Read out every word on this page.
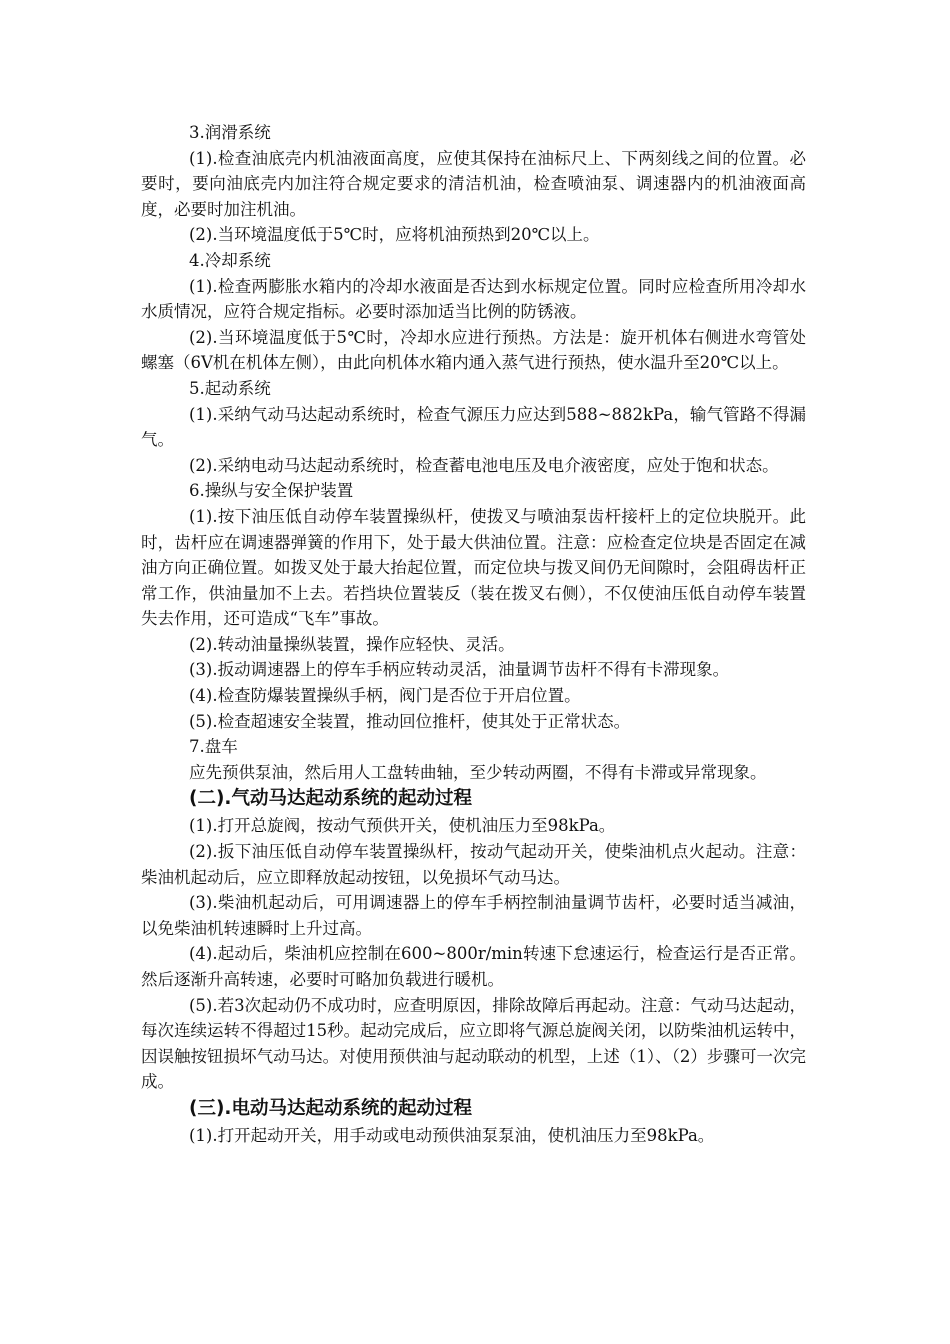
3.润滑系统

(1).检查油底壳内机油液面高度，应使其保持在油标尺上、下两刻线之间的位置。必要时，要向油底壳内加注符合规定要求的清洁机油，检查喷油泵、调速器内的机油液面高度，必要时加注机油。

(2).当环境温度低于5℃时，应将机油预热到20℃以上。

4.冷却系统

(1).检查两膨胀水箱内的冷却水液面是否达到水标规定位置。同时应检查所用冷却水水质情况，应符合规定指标。必要时添加适当比例的防锈液。

(2).当环境温度低于5℃时，冷却水应进行预热。方法是：旋开机体右侧进水弯管处螺塞（6V机在机体左侧），由此向机体水箱内通入蒸气进行预热，使水温升至20℃以上。

5.起动系统

(1).采纳气动马达起动系统时，检查气源压力应达到588~882kPa，输气管路不得漏气。

(2).采纳电动马达起动系统时，检查蓄电池电压及电介液密度，应处于饱和状态。

6.操纵与安全保护装置

(1).按下油压低自动停车装置操纵杆，使拨叉与喷油泵齿杆接杆上的定位块脱开。此时，齿杆应在调速器弹簧的作用下，处于最大供油位置。注意：应检查定位块是否固定在减油方向正确位置。如拨叉处于最大抬起位置，而定位块与拨叉间仍无间隙时，会阻碍齿杆正常工作，供油量加不上去。若挡块位置装反（装在拨叉右侧），不仅使油压低自动停车装置失去作用，还可造成“飞车”事故。

(2).转动油量操纵装置，操作应轻快、灵活。

(3).扳动调速器上的停车手柄应转动灵活，油量调节齿杆不得有卡滞现象。

(4).检查防爆装置操纵手柄，阀门是否位于开启位置。

(5).检查超速安全装置，推动回位推杆，使其处于正常状态。

7.盘车

应先预供泵油，然后用人工盘转曲轴，至少转动两圈，不得有卡滞或异常现象。

(二).气动马达起动系统的起动过程

(1).打开总旋阀，按动气预供开关，使机油压力至98kPa。

(2).扳下油压低自动停车装置操纵杆，按动气起动开关，使柴油机点火起动。注意：柴油机起动后，应立即释放起动按钮，以免损坏气动马达。

(3).柴油机起动后，可用调速器上的停车手柄控制油量调节齿杆，必要时适当减油，以免柴油机转速瞬时上升过高。

(4).起动后，柴油机应控制在600~800r/min转速下怠速运行，检查运行是否正常。然后逐渐升高转速，必要时可略加负载进行暖机。

(5).若3次起动仍不成功时，应查明原因，排除故障后再起动。注意：气动马达起动，每次连续运转不得超过15秒。起动完成后，应立即将气源总旋阀关闭，以防柴油机运转中，因误触按钮损坏气动马达。对使用预供油与起动联动的机型，上述（1）、（2）步骤可一次完成。

(三).电动马达起动系统的起动过程

(1).打开起动开关，用手动或电动预供油泵泵油，使机油压力至98kPa。
